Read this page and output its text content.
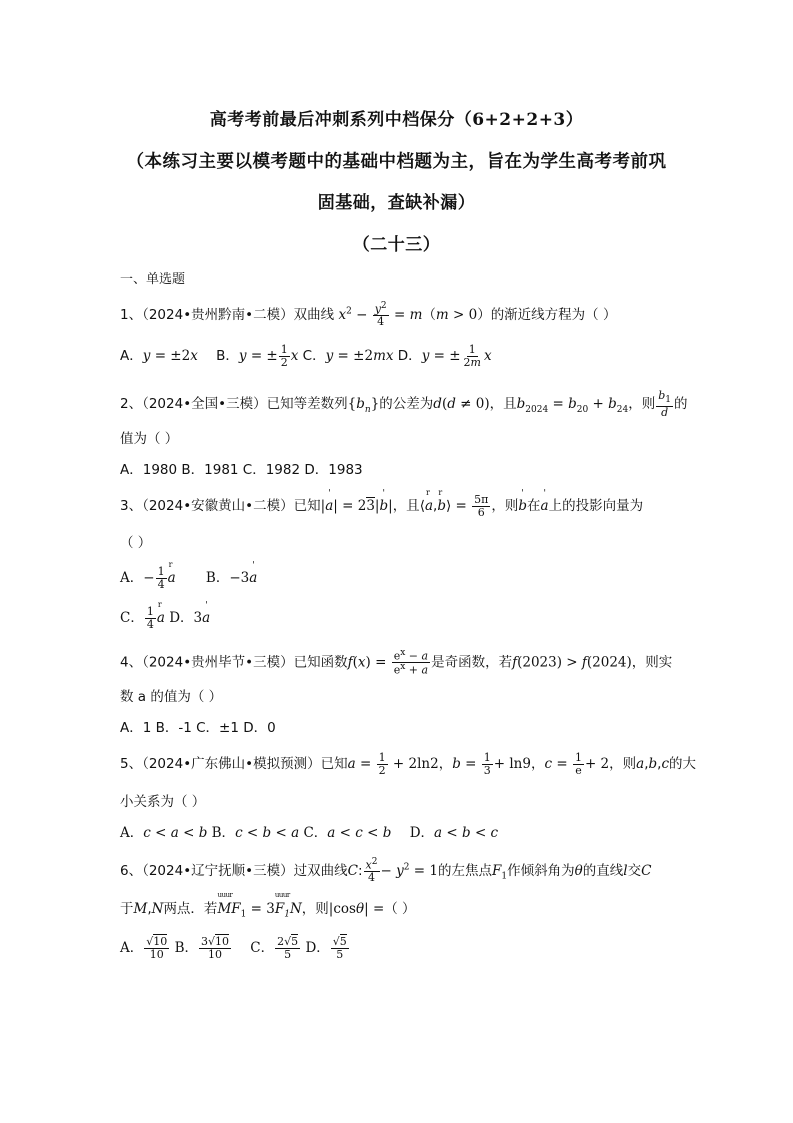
高考考前最后冲刺系列中档保分（6+2+2+3）
（本练习主要以模考题中的基础中档题为主，旨在为学生高考考前巩
固基础，查缺补漏）
（二十三）
一、单选题
1、（2024•贵州黔南•二模）双曲线 $x^2 - \frac{y^2}{4} = m(m > 0)$的渐近线方程为（ ）
A．y = ±2x B．y = ± $\frac{1}{2}$ x C．y = ±2mx D．y = ± $\frac{1}{2m}$ x
2、（2024•全国•三模）已知等差数列$\{b_n\}$的公差为d(d ≠ 0)，且$b_{2024} = b_{20} + b_{24}$，则 $\frac{b_1}{d}$ 的
值为（ ）
A．1980 B．1981 C．1982 D．1983
3、（2024•安徽黄山•二模）已知|' a| = 23|' b|，且⟨r a,r b⟩ = $\frac{5\pi}{6}$ ，则' b在' a上的投影向量为
（ ）
A．− $\frac{1}{4}$ r a B．−3' a
C． $\frac{1}{4}$ r a D．3' a
4、（2024•贵州毕节•三模）已知函数$f(x) = \frac{e^x - a}{e^x + a}$ 是奇函数，若f(2023) > f(2024)，则实
数 a 的值为（ ）
A．1 B．-1 C．±1 D．0
5、（2024•广东佛山•模拟预测）已知$a = \frac{1}{2} + 2\ln 2$，$b = \frac{1}{3} + \ln 9$，$c = \frac{1}{e} + 2$，则a,b,c的大
小关系为（ ）
A．c < a < b B．c < b < a C．a < c < b D．a < b < c
6、（2024•辽宁抚顺•三模）过双曲线C: $\frac{x^2}{4} - y^2 = 1$的左焦点$F_1$作倾斜角为θ的直线l交C
于M,N两点．若uuur $MF_1$ = 3uuur $F_1N$，则|cosθ| =（ ）
A． $\frac{√10}{10}$ B． $\frac{3√10}{10}$ C． $\frac{2√5}{5}$ D． $\frac{√5}{5}$
